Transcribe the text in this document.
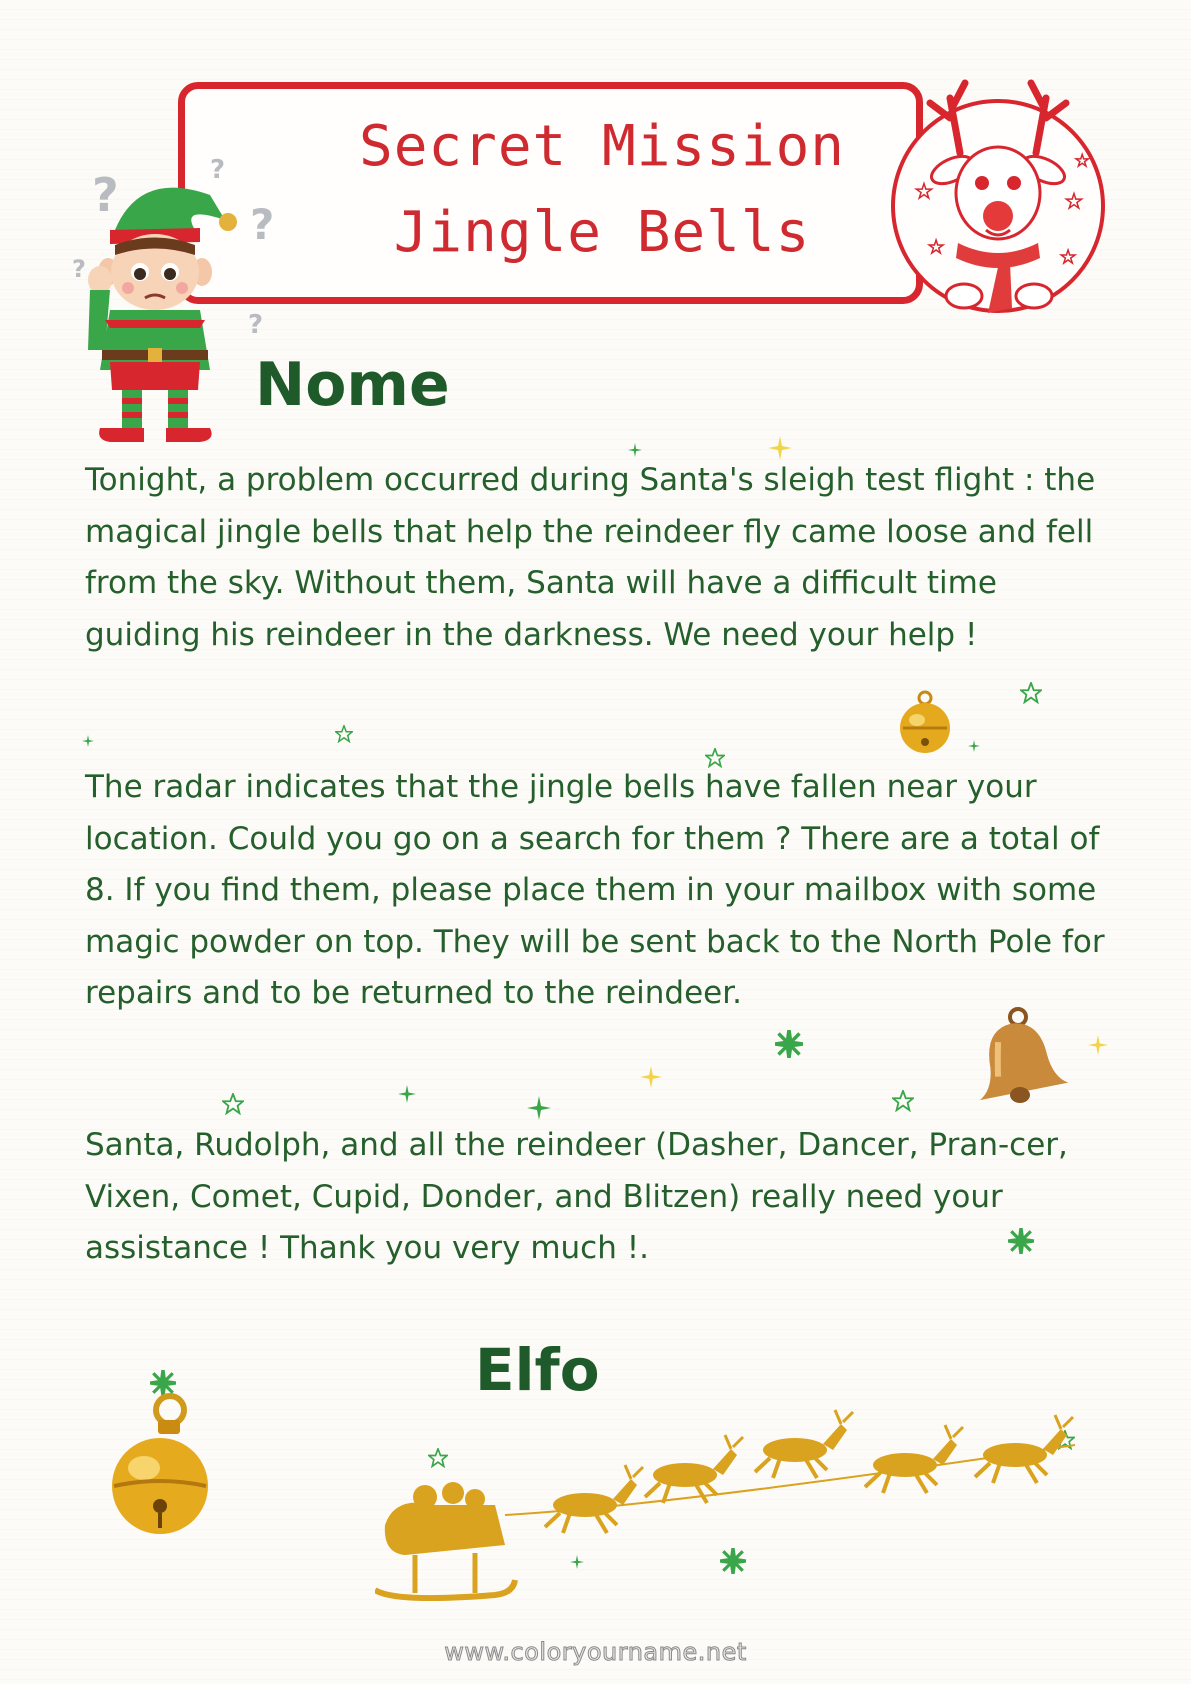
Secret Mission
Jingle Bells
★	★
★	★
★
?	?
?
?
?
Nome

Tonight, a problem occurred during Santa's sleigh test flight : the magical jingle bells that help the reindeer fly came loose and fell from the sky. Without them, Santa will have a difficult time guiding his reindeer in the darkness. We need your help !

The radar indicates that the jingle bells have fallen near your location. Could you go on a search for them ? There are a total of 8. If you find them, please place them in your mailbox with some magic powder on top. They will be sent back to the North Pole for repairs and to be returned to the reindeer.

Santa, Rudolph, and all the reindeer (Dasher, Dancer, Pran-cer, Vixen, Comet, Cupid, Donder, and Blitzen) really need your assistance ! Thank you very much !.

Elfo
www.coloryourname.net
